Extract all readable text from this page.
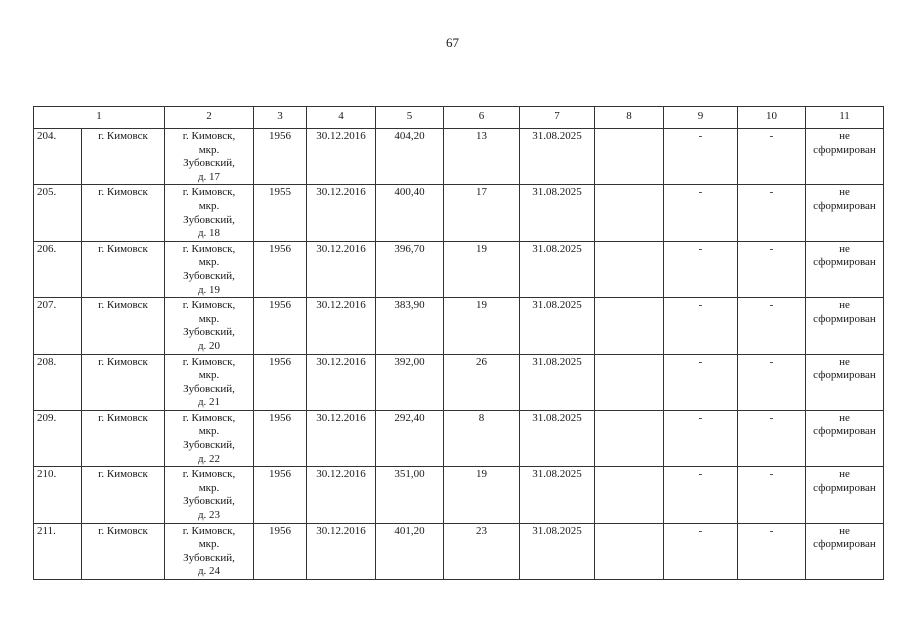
67
1		2	3	4	5	6	7	8	9	10	11
204.	г. Кимовск	г. Кимовск,
мкр.
Зубовский,
д. 17	1956	30.12.2016	404,20	13	31.08.2025		-	-	не
сформирован

205.	г. Кимовск	г. Кимовск,
мкр.
Зубовский,
д. 18	1955	30.12.2016	400,40	17	31.08.2025		-	-	не
сформирован

206.	г. Кимовск	г. Кимовск,
мкр.
Зубовский,
д. 19	1956	30.12.2016	396,70	19	31.08.2025		-	-	не
сформирован

207.	г. Кимовск	г. Кимовск,
мкр.
Зубовский,
д. 20	1956	30.12.2016	383,90	19	31.08.2025		-	-	не
сформирован

208.	г. Кимовск	г. Кимовск,
мкр.
Зубовский,
д. 21	1956	30.12.2016	392,00	26	31.08.2025		-	-	не
сформирован

209.	г. Кимовск	г. Кимовск,
мкр.
Зубовский,
д. 22	1956	30.12.2016	292,40	8	31.08.2025		-	-	не
сформирован

210.	г. Кимовск	г. Кимовск,
мкр.
Зубовский,
д. 23	1956	30.12.2016	351,00	19	31.08.2025		-	-	не
сформирован

211.	г. Кимовск	г. Кимовск,
мкр.
Зубовский,
д. 24	1956	30.12.2016	401,20	23	31.08.2025		-	-	не
сформирован
